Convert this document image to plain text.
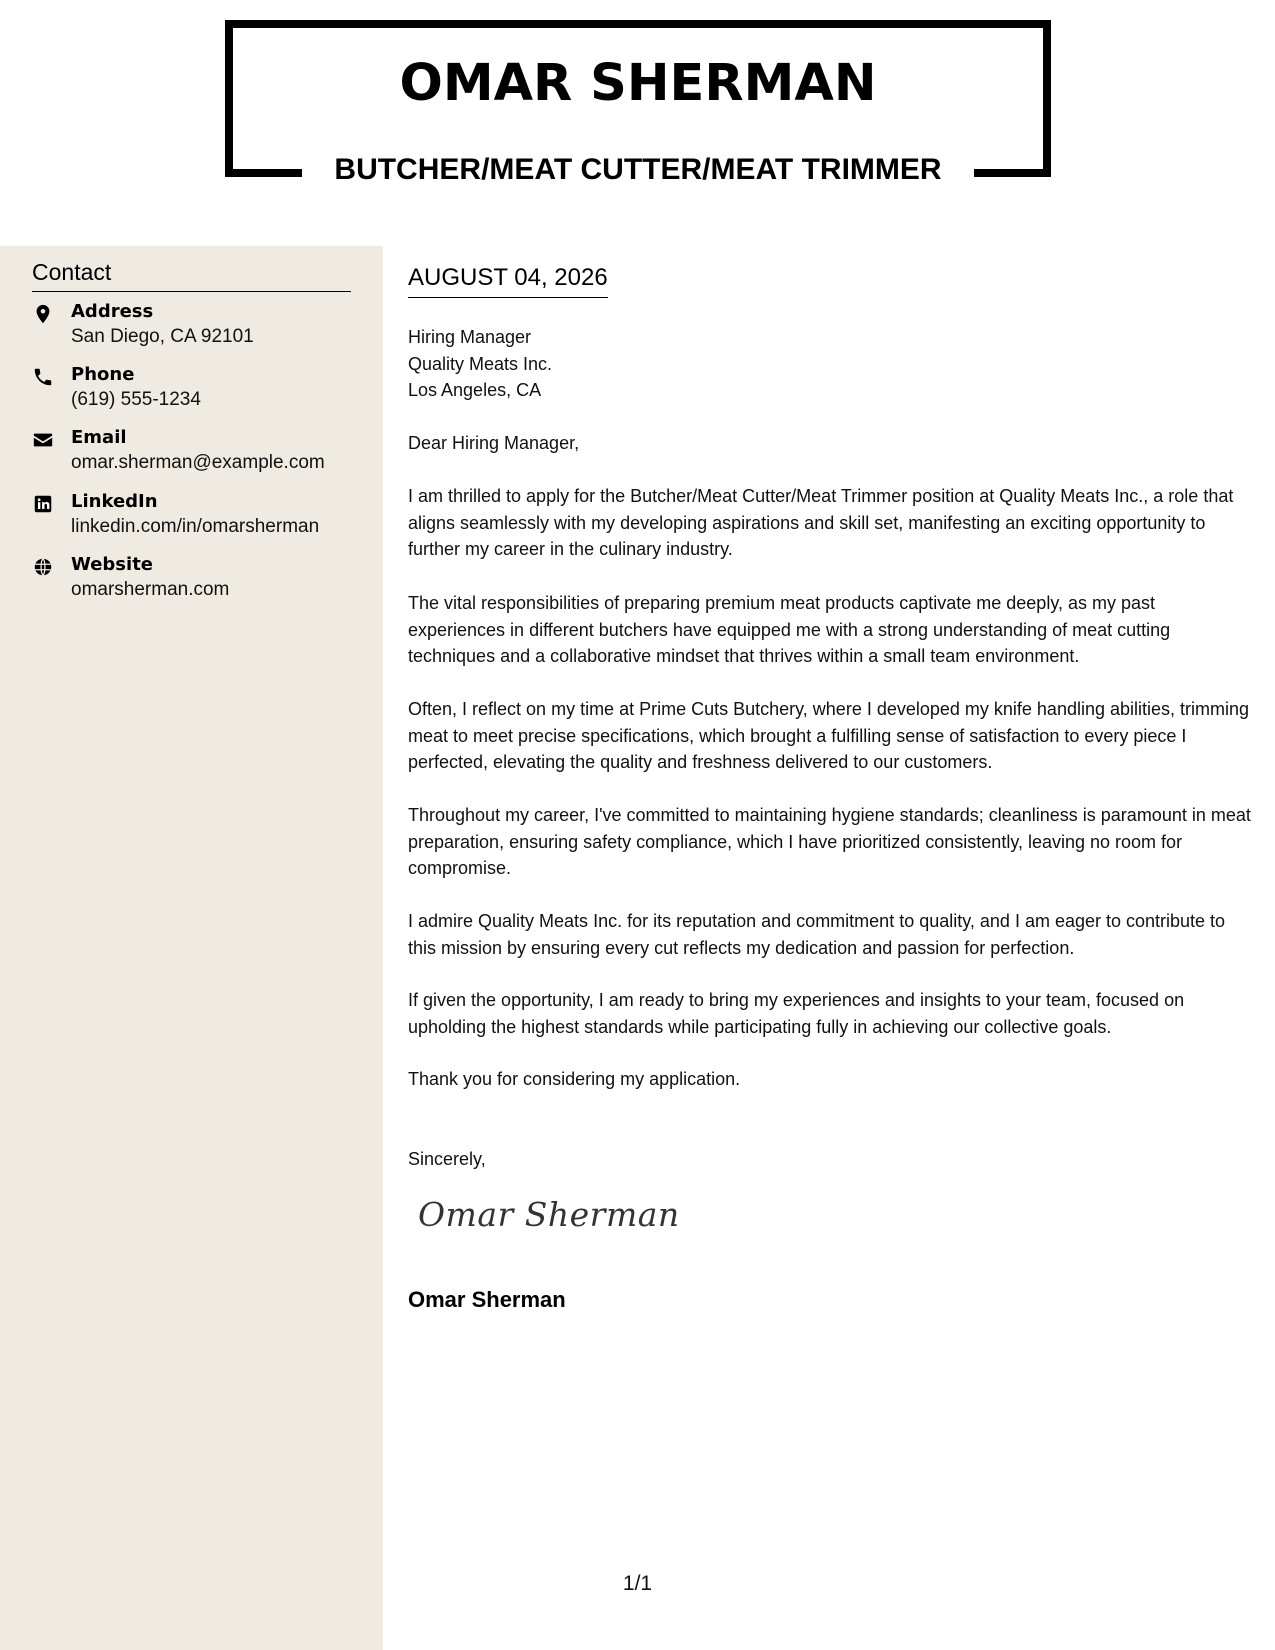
OMAR SHERMAN
BUTCHER/MEAT CUTTER/MEAT TRIMMER
Contact
Address
San Diego, CA 92101
Phone
(619) 555-1234
Email
omar.sherman@example.com
LinkedIn
linkedin.com/in/omarsherman
Website
omarsherman.com
AUGUST 04, 2026
Hiring Manager
Quality Meats Inc.
Los Angeles, CA
Dear Hiring Manager,
I am thrilled to apply for the Butcher/Meat Cutter/Meat Trimmer position at Quality Meats Inc., a role that aligns seamlessly with my developing aspirations and skill set, manifesting an exciting opportunity to further my career in the culinary industry.
The vital responsibilities of preparing premium meat products captivate me deeply, as my past experiences in different butchers have equipped me with a strong understanding of meat cutting techniques and a collaborative mindset that thrives within a small team environment.
Often, I reflect on my time at Prime Cuts Butchery, where I developed my knife handling abilities, trimming meat to meet precise specifications, which brought a fulfilling sense of satisfaction to every piece I perfected, elevating the quality and freshness delivered to our customers.
Throughout my career, I've committed to maintaining hygiene standards; cleanliness is paramount in meat preparation, ensuring safety compliance, which I have prioritized consistently, leaving no room for compromise.
I admire Quality Meats Inc. for its reputation and commitment to quality, and I am eager to contribute to this mission by ensuring every cut reflects my dedication and passion for perfection.
If given the opportunity, I am ready to bring my experiences and insights to your team, focused on upholding the highest standards while participating fully in achieving our collective goals.
Thank you for considering my application.
Sincerely,
Omar Sherman
Omar Sherman
1/1
